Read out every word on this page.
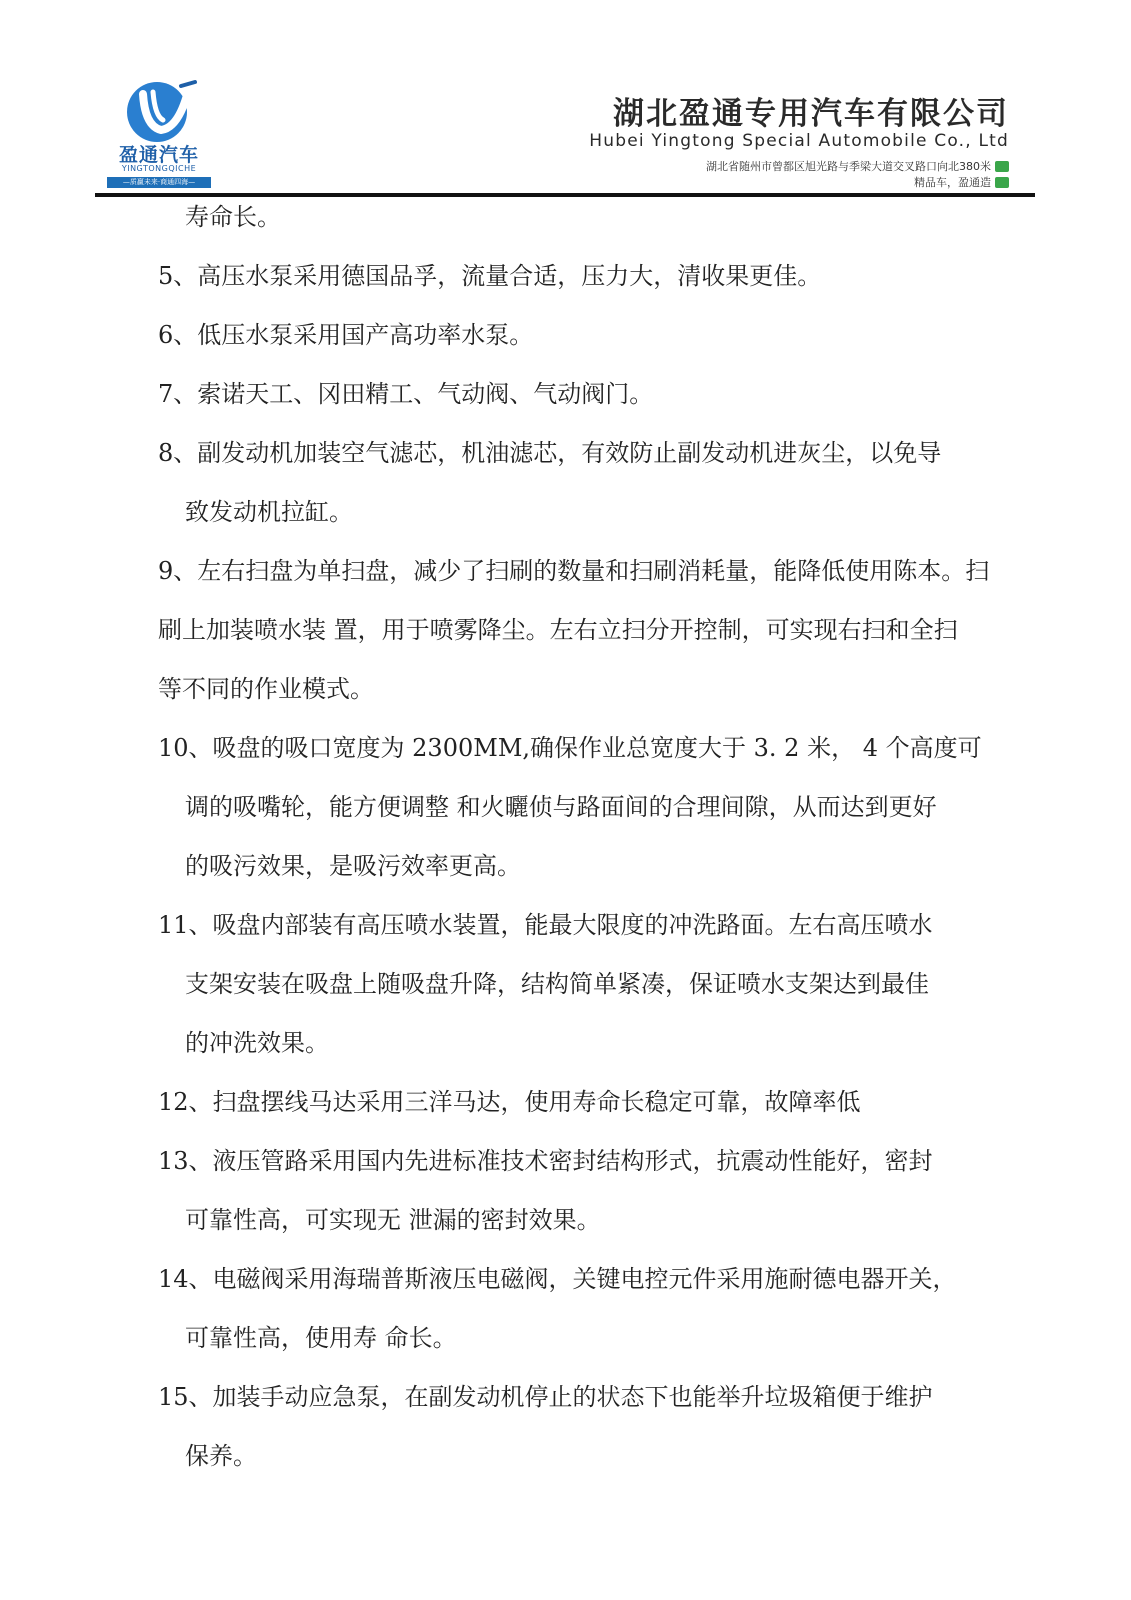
盈通汽车
YINGTONGQICHE
—质赢未来·商通四海—
湖北盈通专用汽车有限公司
Hubei Yingtong Special Automobile Co., Ltd
湖北省随州市曾都区旭光路与季梁大道交叉路口向北380米
精品车，盈通造
寿命长。
5、高压水泵采用德国品孚，流量合适，压力大，清收果更佳。
6、低压水泵采用国产高功率水泵。
7、索诺天工、冈田精工、气动阀、气动阀门。
8、副发动机加装空气滤芯，机油滤芯，有效防止副发动机进灰尘，以免导
致发动机拉缸。
9、左右扫盘为单扫盘，减少了扫刷的数量和扫刷消耗量，能降低使用陈本。扫
刷上加装喷水装 置，用于喷雾降尘。左右立扫分开控制，可实现右扫和全扫
等不同的作业模式。
10、吸盘的吸口宽度为 2300MM,确保作业总宽度大于 3. 2 米， 4 个高度可
调的吸嘴轮，能方便调整 和火曬侦与路面间的合理间隙，从而达到更好
的吸污效果，是吸污效率更高。
11、吸盘内部装有高压喷水装置，能最大限度的冲洗路面。左右高压喷水
支架安装在吸盘上随吸盘升降，结构简单紧凑，保证喷水支架达到最佳
的冲洗效果。
12、扫盘摆线马达采用三洋马达，使用寿命长稳定可靠，故障率低
13、液压管路采用国内先进标准技术密封结构形式，抗震动性能好，密封
可靠性高，可实现无 泄漏的密封效果。
14、电磁阀采用海瑞普斯液压电磁阀，关键电控元件采用施耐德电器开关，
可靠性高，使用寿 命长。
15、加装手动应急泵，在副发动机停止的状态下也能举升垃圾箱便于维护
保养。
